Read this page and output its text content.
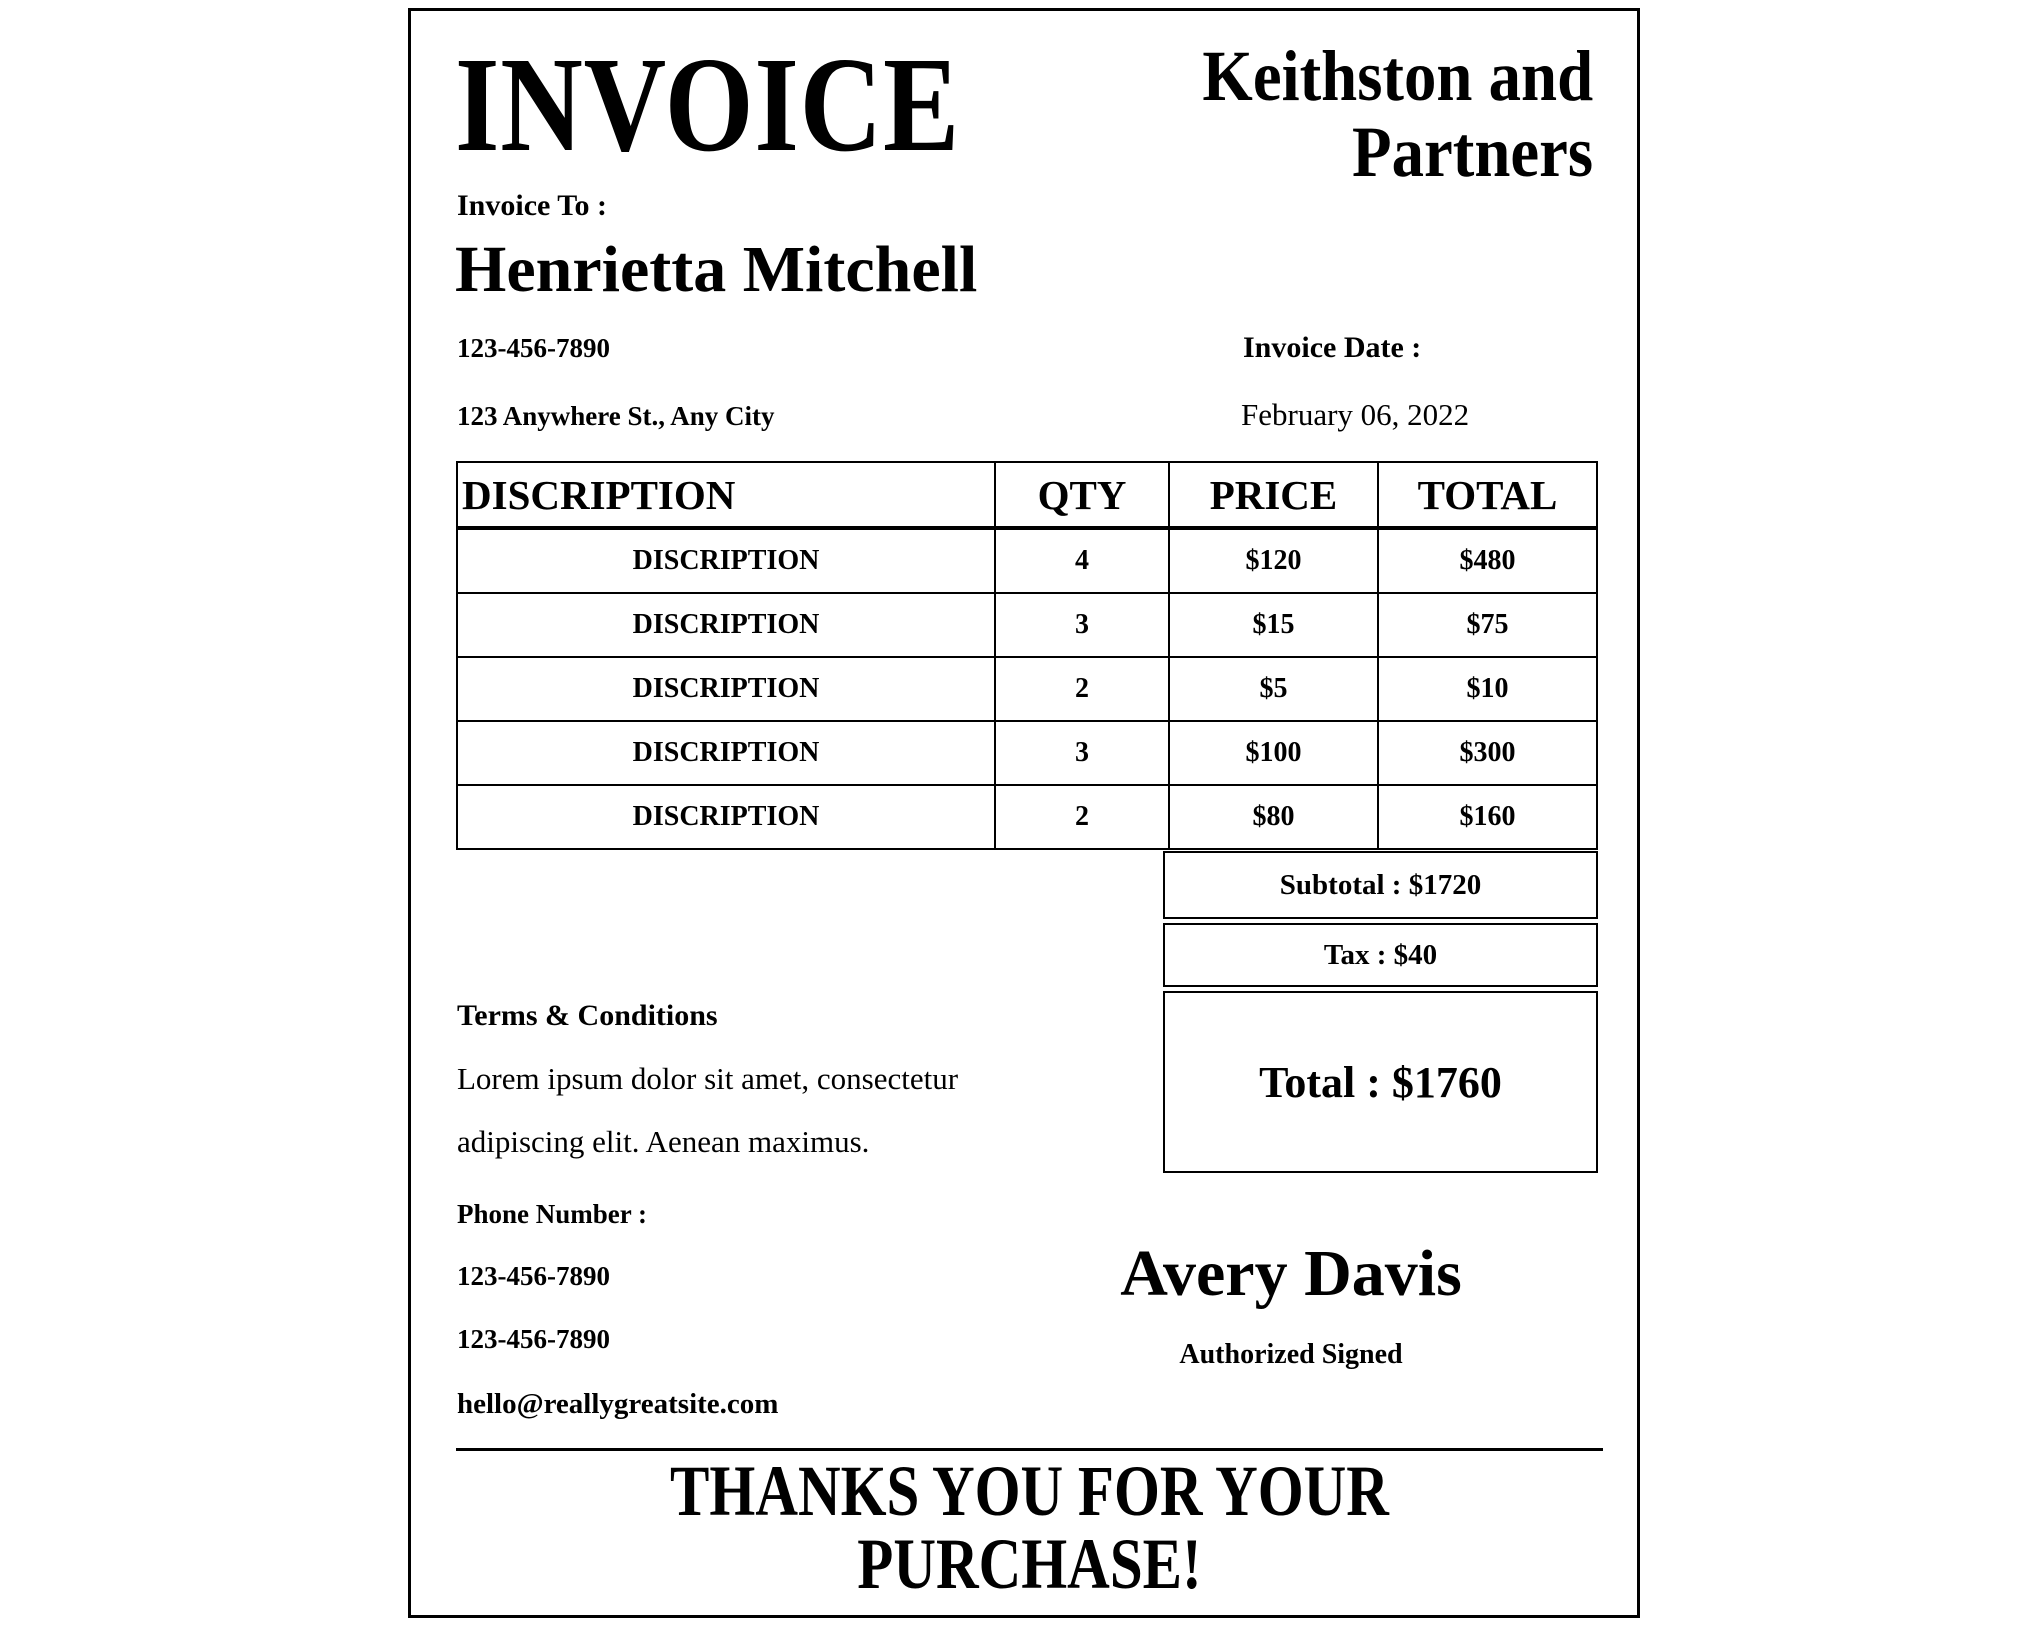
INVOICE	Keithston and
Partners
Invoice To :
Henrietta Mitchell
123-456-7890
123 Anywhere St., Any City
Invoice Date :
February 06, 2022
DISCRIPTION	QTY	PRICE	TOTAL
DISCRIPTION	4	$120	$480
DISCRIPTION	3	$15	$75
DISCRIPTION	2	$5	$10
DISCRIPTION	3	$100	$300
DISCRIPTION	2	$80	$160
Subtotal : $1720
Tax : $40
Total : $1760
Terms & Conditions
Lorem ipsum dolor sit amet, consectetur
adipiscing elit. Aenean maximus.
Phone Number :
123-456-7890
123-456-7890
hello@reallygreatsite.com
Avery Davis
Authorized Signed
THANKS YOU FOR YOUR
PURCHASE!
